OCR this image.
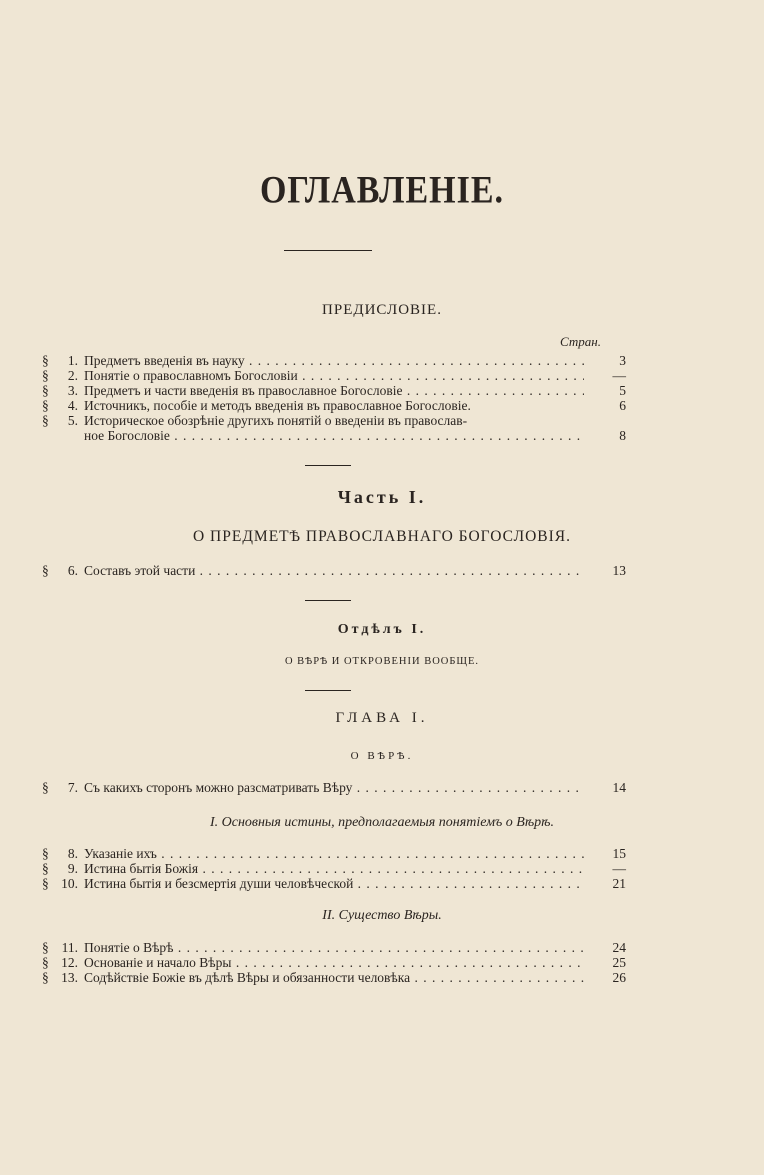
ОГЛАВЛЕНIЕ.
ПРЕДИСЛОВIЕ.
Стран.
§	1. Предметъ введенія въ науку . . .	3
§	2. Понятіе о православномъ Богословіи . . .	—
§	3. Предметъ и части введенія въ православное Богословіе . . .	5
§	4. Источникъ, пособіе и методъ введенія въ православное Богословіе.	6
§	5. Историческое обозрѣніе другихъ понятій о введеніи въ православ-
ное Богословіе . . .	8
Часть I.
О ПРЕДМЕТѢ ПРАВОСЛАВНАГО БОГОСЛОВІЯ.
§	6. Составъ этой части . . .	13
Отдѣлъ I.
О ВѢРѢ И ОТКРОВЕНІИ ВООБЩЕ.
ГЛАВА I.
О ВѢРѢ.
§	7. Съ какихъ сторонъ можно разсматривать Вѣру . . .	14
I. Основныя истины, предполагаемыя понятіемъ о Вѣрѣ.
§	8. Указаніе ихъ . . .	15
§	9. Истина бытія Божія . . .	—
§ 10. Истина бытія и безсмертія души человѣческой . . .	21
II. Существо Вѣры.
§ 11. Понятіе о Вѣрѣ . . .	24
§ 12. Основаніе и начало Вѣры . . .	25
§ 13. Содѣйствіе Божіе въ дѣлѣ Вѣры и обязанности человѣка . . .	26
